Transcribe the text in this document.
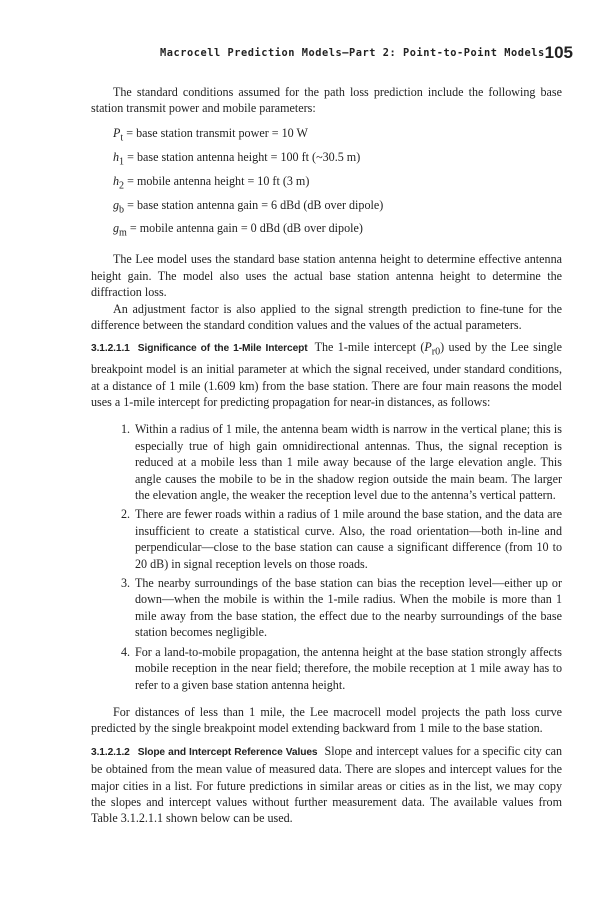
Macrocell Prediction Models—Part 2: Point-to-Point Models 105

The standard conditions assumed for the path loss prediction include the following base station transmit power and mobile parameters:

$P_t$ = base station transmit power = 10 W
$h_1$ = base station antenna height = 100 ft (~30.5 m)
$h_2$ = mobile antenna height = 10 ft (3 m)
$g_b$ = base station antenna gain = 6 dBd (dB over dipole)
$g_m$ = mobile antenna gain = 0 dBd (dB over dipole)

The Lee model uses the standard base station antenna height to determine effective antenna height gain. The model also uses the actual base station antenna height to determine the diffraction loss.

An adjustment factor is also applied to the signal strength prediction to fine-tune for the difference between the standard condition values and the values of the actual parameters.

3.1.2.1.1 Significance of the 1-Mile Intercept The 1-mile intercept $(P_{r0})$ used by the Lee single breakpoint model is an initial parameter at which the signal received, under standard conditions, at a distance of 1 mile (1.609 km) from the base station. There are four main reasons the model uses a 1-mile intercept for predicting propagation for near-in distances, as follows:

1. Within a radius of 1 mile, the antenna beam width is narrow in the vertical plane; this is especially true of high gain omnidirectional antennas. Thus, the signal reception is reduced at a mobile less than 1 mile away because of the large elevation angle. This angle causes the mobile to be in the shadow region outside the main beam. The larger the elevation angle, the weaker the reception level due to the antenna’s vertical pattern.
2. There are fewer roads within a radius of 1 mile around the base station, and the data are insufficient to create a statistical curve. Also, the road orientation—both in-line and perpendicular—close to the base station can cause a significant difference (from 10 to 20 dB) in signal reception levels on those roads.
3. The nearby surroundings of the base station can bias the reception level—either up or down—when the mobile is within the 1-mile radius. When the mobile is more than 1 mile away from the base station, the effect due to the nearby surroundings of the base station becomes negligible.
4. For a land-to-mobile propagation, the antenna height at the base station strongly affects mobile reception in the near field; therefore, the mobile reception at 1 mile away has to refer to a given base station antenna height.

For distances of less than 1 mile, the Lee macrocell model projects the path loss curve predicted by the single breakpoint model extending backward from 1 mile to the base station.

3.1.2.1.2 Slope and Intercept Reference Values Slope and intercept values for a specific city can be obtained from the mean value of measured data. There are slopes and intercept values for the major cities in a list. For future predictions in similar areas or cities as in the list, we may copy the slopes and intercept values without further measurement data. The available values from Table 3.1.2.1.1 shown below can be used.
